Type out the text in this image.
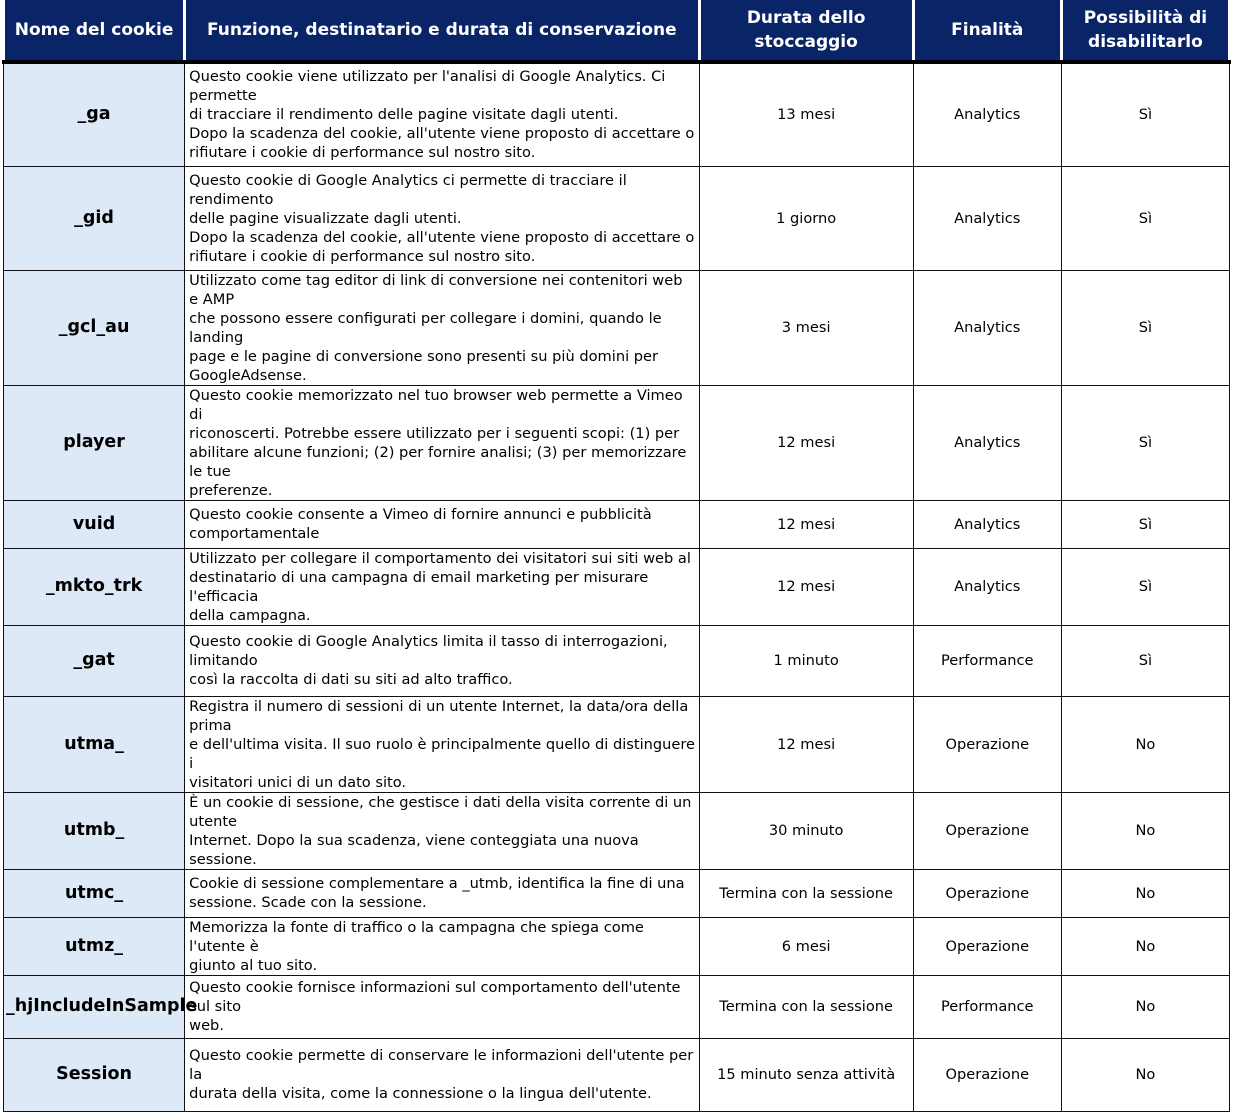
Nome del cookie	Funzione, destinatario e durata di conservazione	Durata dello stoccaggio	Finalità	Possibilità di
disabilitarlo

_ga	Questo cookie viene utilizzato per l'analisi di Google Analytics. Ci permette
di tracciare il rendimento delle pagine visitate dagli utenti.
Dopo la scadenza del cookie, all'utente viene proposto di accettare o
rifiutare i cookie di performance sul nostro sito.	13 mesi	Analytics	Sì
_gid	Questo cookie di Google Analytics ci permette di tracciare il rendimento
delle pagine visualizzate dagli utenti.
Dopo la scadenza del cookie, all'utente viene proposto di accettare o
rifiutare i cookie di performance sul nostro sito.	1 giorno	Analytics	Sì
_gcl_au	Utilizzato come tag editor di link di conversione nei contenitori web e AMP
che possono essere configurati per collegare i domini, quando le landing
page e le pagine di conversione sono presenti su più domini per
GoogleAdsense.	3 mesi	Analytics	Sì
player	Questo cookie memorizzato nel tuo browser web permette a Vimeo di
riconoscerti. Potrebbe essere utilizzato per i seguenti scopi: (1) per
abilitare alcune funzioni; (2) per fornire analisi; (3) per memorizzare le tue
preferenze.	12 mesi	Analytics	Sì
vuid	Questo cookie consente a Vimeo di fornire annunci e pubblicità
comportamentale	12 mesi	Analytics	Sì
_mkto_trk	Utilizzato per collegare il comportamento dei visitatori sui siti web al
destinatario di una campagna di email marketing per misurare l'efficacia
della campagna.	12 mesi	Analytics	Sì
_gat	Questo cookie di Google Analytics limita il tasso di interrogazioni, limitando
così la raccolta di dati su siti ad alto traffico.	1 minuto	Performance	Sì
utma_	Registra il numero di sessioni di un utente Internet, la data/ora della prima
e dell'ultima visita. Il suo ruolo è principalmente quello di distinguere i
visitatori unici di un dato sito.	12 mesi	Operazione	No
utmb_	È un cookie di sessione, che gestisce i dati della visita corrente di un utente
Internet. Dopo la sua scadenza, viene conteggiata una nuova sessione.	30 minuto	Operazione	No
utmc_	Cookie di sessione complementare a _utmb, identifica la fine di una
sessione. Scade con la sessione.	Termina con la sessione	Operazione	No
utmz_	Memorizza la fonte di traffico o la campagna che spiega come l'utente è
giunto al tuo sito.	6 mesi	Operazione	No
_hjIncludeInSample	Questo cookie fornisce informazioni sul comportamento dell'utente sul sito
web.	Termina con la sessione	Performance	No
Session	Questo cookie permette di conservare le informazioni dell'utente per la
durata della visita, come la connessione o la lingua dell'utente.	15 minuto senza attività	Operazione	No
